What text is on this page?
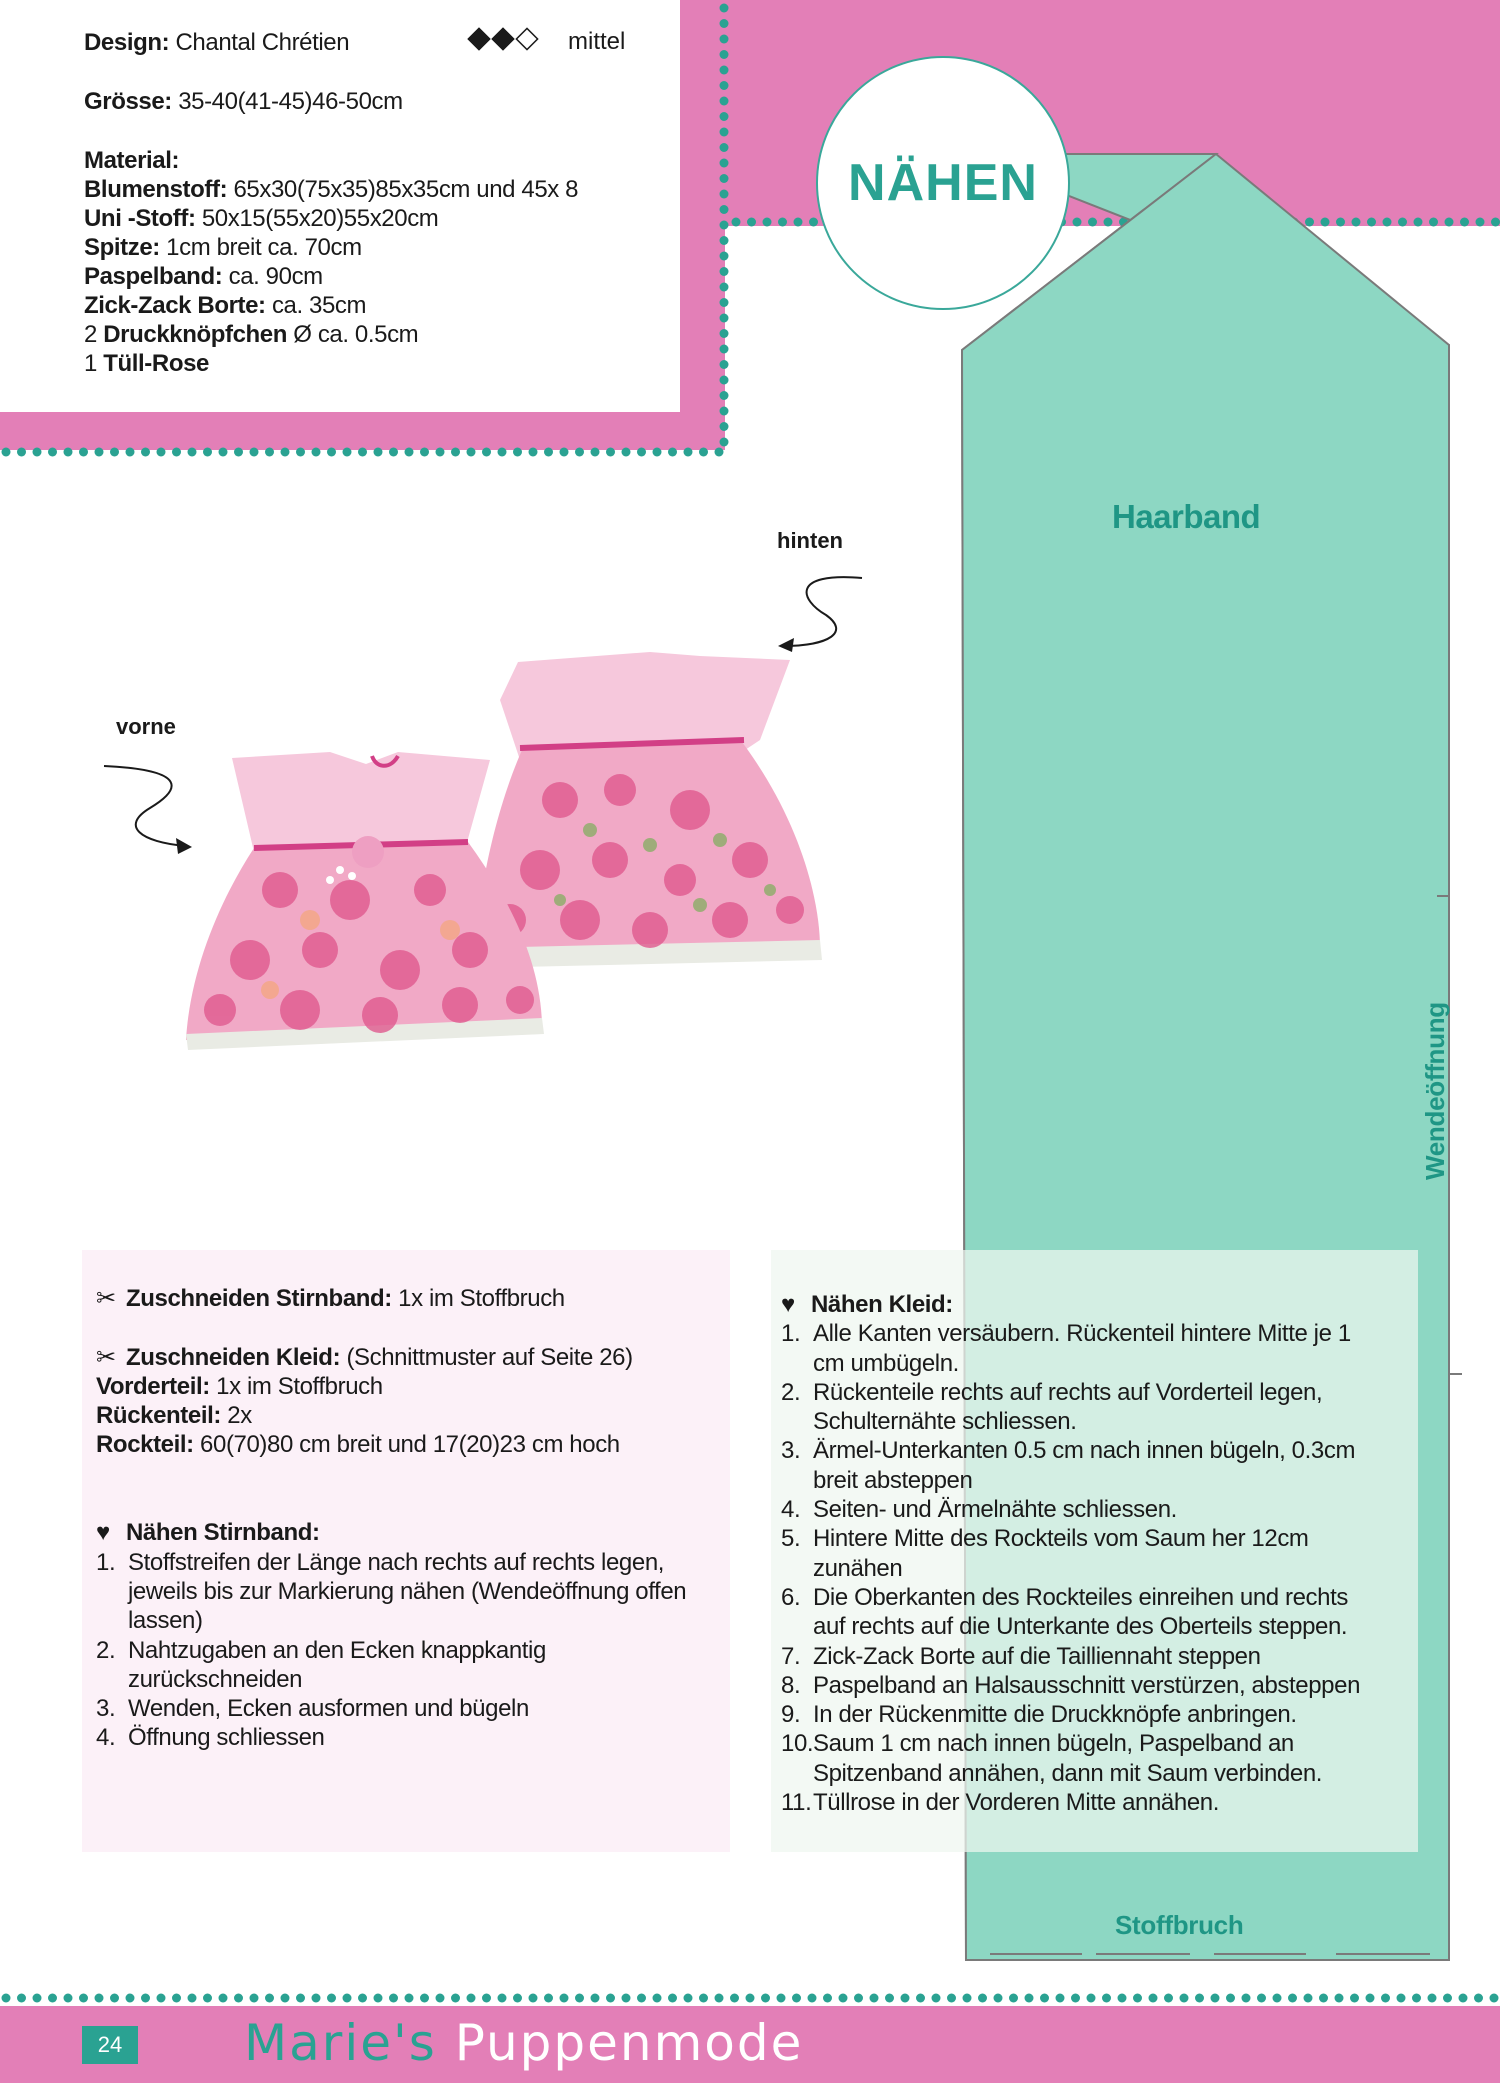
Haarband
Wendeöffnung
Stoffbruch
NÄHEN
Design: Chantal Chrétien
Grösse: 35-40(41-45)46-50cm
Material:
Blumenstoff: 65x30(75x35)85x35cm und 45x 8
Uni -Stoff: 50x15(55x20)55x20cm
Spitze: 1cm breit ca. 70cm
Paspelband: ca. 90cm
Zick-Zack Borte: ca. 35cm
2 Druckknöpfchen Ø ca. 0.5cm
1 Tüll-Rose
mittel
hinten
vorne
✂ Zuschneiden Stirnband: 1x im Stoffbruch
✂ Zuschneiden Kleid: (Schnittmuster auf Seite 26)
Vorderteil: 1x im Stoffbruch
Rückenteil: 2x
Rockteil: 60(70)80 cm breit und 17(20)23 cm hoch
♥ Nähen Stirnband:
1. Stoffstreifen der Länge nach rechts auf rechts legen, jeweils bis zur Markierung nähen (Wendeöffnung offen lassen)
2. Nahtzugaben an den Ecken knappkantig zurückschneiden
3. Wenden, Ecken ausformen und bügeln
4. Öffnung schliessen
♥ Nähen Kleid:
1. Alle Kanten versäubern. Rückenteil hintere Mitte je 1 cm umbügeln.
2. Rückenteile rechts auf rechts auf Vorderteil legen, Schulternähte schliessen.
3. Ärmel-Unterkanten 0.5 cm nach innen bügeln, 0.3cm breit absteppen
4. Seiten- und Ärmelnähte schliessen.
5. Hintere Mitte des Rockteils vom Saum her 12cm zunähen
6. Die Oberkanten des Rockteiles einreihen und rechts auf rechts auf die Unterkante des Oberteils steppen.
7. Zick-Zack Borte auf die Tailliennaht steppen
8. Paspelband an Halsausschnitt verstürzen, absteppen
9. In der Rückenmitte die Druckknöpfe anbringen.
10. Saum 1 cm nach innen bügeln, Paspelband an Spitzenband annähen, dann mit Saum verbinden.
11. Tüllrose in der Vorderen Mitte annähen.
24	Marie's Puppenmode
